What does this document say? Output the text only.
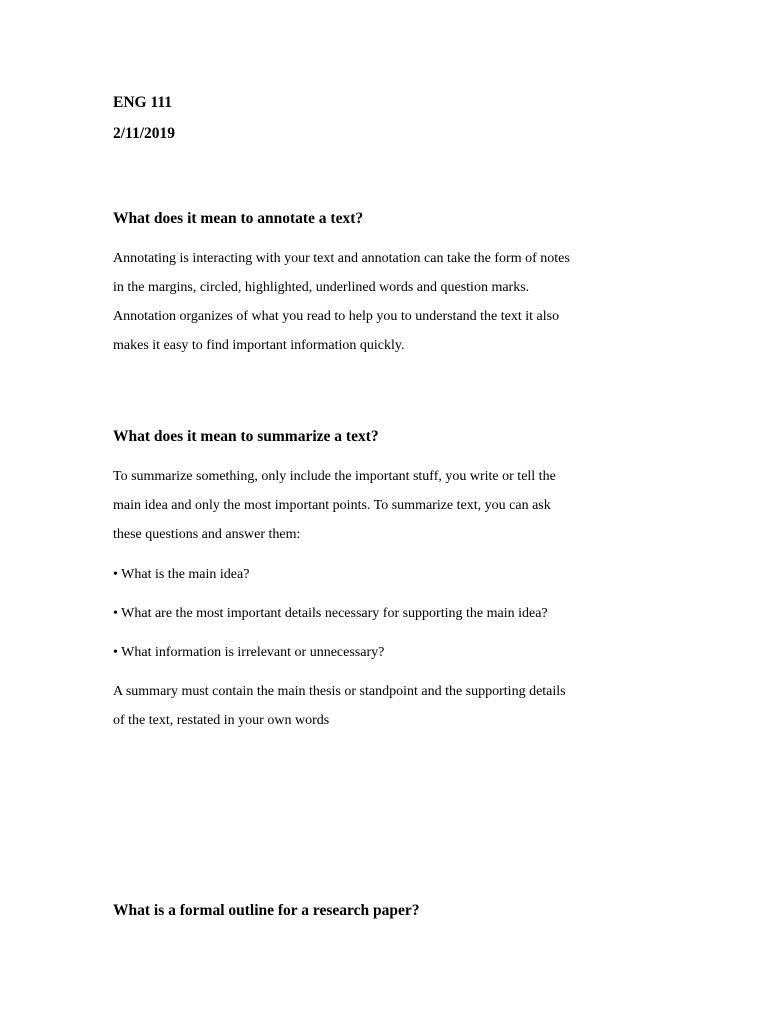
ENG 111
2/11/2019
What does it mean to annotate a text?
Annotating is interacting with your text and annotation can take the form of notes
in the margins, circled, highlighted, underlined words and question marks.
Annotation organizes of what you read to help you to understand the text it also
makes it easy to find important information quickly.
What does it mean to summarize a text?
To summarize something, only include the important stuff, you write or tell the
main idea and only the most important points. To summarize text, you can ask
these questions and answer them:
• What is the main idea?
• What are the most important details necessary for supporting the main idea?
• What information is irrelevant or unnecessary?
A summary must contain the main thesis or standpoint and the supporting details
of the text, restated in your own words
What is a formal outline for a research paper?
